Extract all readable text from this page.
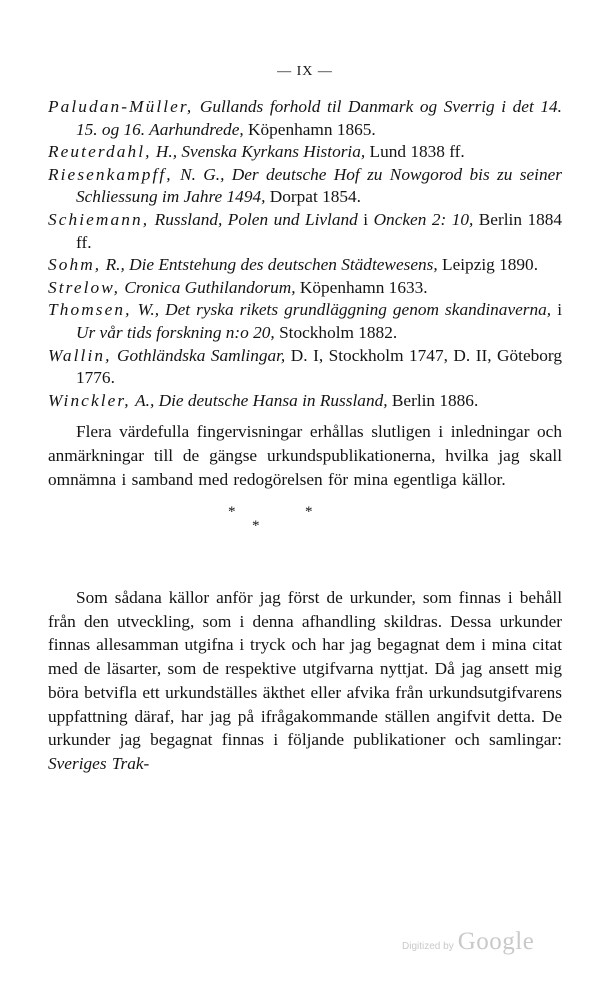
— IX —
Paludan-Müller, Gullands forhold til Danmark og Sverrig i det 14. 15. og 16. Aarhundrede, Köpenhamn 1865.
Reuterdahl, H., Svenska Kyrkans Historia, Lund 1838 ff.
Riesenkampff, N. G., Der deutsche Hof zu Nowgorod bis zu seiner Schliessung im Jahre 1494, Dorpat 1854.
Schiemann, Russland, Polen und Livland i Oncken 2: 10, Berlin 1884 ff.
Sohm, R., Die Entstehung des deutschen Städtewesens, Leipzig 1890.
Strelow, Cronica Guthilandorum, Köpenhamn 1633.
Thomsen, W., Det ryska rikets grundläggning genom skandinaverna, i Ur vår tids forskning n:o 20, Stockholm 1882.
Wallin, Gothländska Samlingar, D. I, Stockholm 1747, D. II, Göteborg 1776.
Winckler, A., Die deutsche Hansa in Russland, Berlin 1886.

Flera värdefulla fingervisningar erhållas slutligen i inledningar och anmärkningar till de gängse urkundspublikationerna, hvilka jag skall omnämna i samband med redogörelsen för mina egentliga källor.

*
*
*

Som sådana källor anför jag först de urkunder, som finnas i behåll från den utveckling, som i denna afhandling skildras. Dessa urkunder finnas allesamman utgifna i tryck och har jag begagnat dem i mina citat med de läsarter, som de respektive utgifvarna nyttjat. Då jag ansett mig böra betvifla ett urkundställes äkthet eller afvika från urkundsutgifvarens uppfattning däraf, har jag på ifrågakommande ställen angifvit detta. De urkunder jag begagnat finnas i följande publikationer och samlingar: Sveriges Trak-

Digitized by Google
